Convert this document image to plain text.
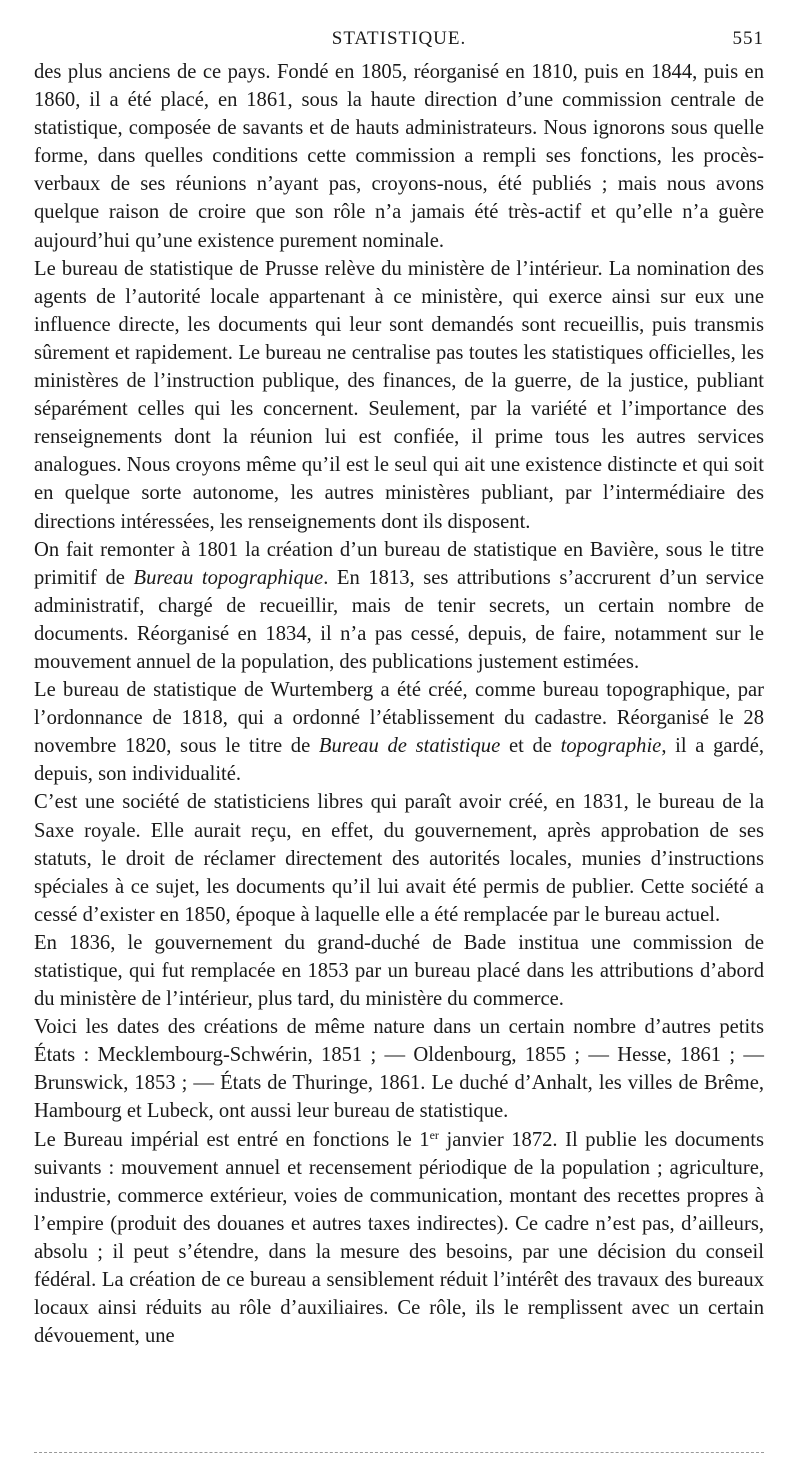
STATISTIQUE.	551

des plus anciens de ce pays. Fondé en 1805, réorganisé en 1810, puis en 1844, puis en 1860, il a été placé, en 1861, sous la haute direction d’une commission centrale de statistique, composée de savants et de hauts administrateurs. Nous ignorons sous quelle forme, dans quelles conditions cette commission a rempli ses fonctions, les procès-verbaux de ses réunions n’ayant pas, croyons-nous, été publiés ; mais nous avons quelque raison de croire que son rôle n’a jamais été très-actif et qu’elle n’a guère aujourd’hui qu’une existence purement nominale.

Le bureau de statistique de Prusse relève du ministère de l’intérieur. La nomination des agents de l’autorité locale appartenant à ce ministère, qui exerce ainsi sur eux une influence directe, les documents qui leur sont demandés sont recueillis, puis transmis sûrement et rapidement. Le bureau ne centralise pas toutes les statistiques officielles, les ministères de l’instruction publique, des finances, de la guerre, de la justice, publiant séparément celles qui les concernent. Seulement, par la variété et l’importance des renseignements dont la réunion lui est confiée, il prime tous les autres services analogues. Nous croyons même qu’il est le seul qui ait une existence distincte et qui soit en quelque sorte autonome, les autres ministères publiant, par l’intermédiaire des directions intéressées, les renseignements dont ils disposent.

On fait remonter à 1801 la création d’un bureau de statistique en Bavière, sous le titre primitif de Bureau topographique. En 1813, ses attributions s’accrurent d’un service administratif, chargé de recueillir, mais de tenir secrets, un certain nombre de documents. Réorganisé en 1834, il n’a pas cessé, depuis, de faire, notamment sur le mouvement annuel de la population, des publications justement estimées.

Le bureau de statistique de Wurtemberg a été créé, comme bureau topographique, par l’ordonnance de 1818, qui a ordonné l’établissement du cadastre. Réorganisé le 28 novembre 1820, sous le titre de Bureau de statistique et de topographie, il a gardé, depuis, son individualité.

C’est une société de statisticiens libres qui paraît avoir créé, en 1831, le bureau de la Saxe royale. Elle aurait reçu, en effet, du gouvernement, après approbation de ses statuts, le droit de réclamer directement des autorités locales, munies d’instructions spéciales à ce sujet, les documents qu’il lui avait été permis de publier. Cette société a cessé d’exister en 1850, époque à laquelle elle a été remplacée par le bureau actuel.

En 1836, le gouvernement du grand-duché de Bade institua une commission de statistique, qui fut remplacée en 1853 par un bureau placé dans les attributions d’abord du ministère de l’intérieur, plus tard, du ministère du commerce.

Voici les dates des créations de même nature dans un certain nombre d’autres petits États : Mecklembourg-Schwérin, 1851 ; — Oldenbourg, 1855 ; — Hesse, 1861 ; — Brunswick, 1853 ; — États de Thuringe, 1861. Le duché d’Anhalt, les villes de Brême, Hambourg et Lubeck, ont aussi leur bureau de statistique.

Le Bureau impérial est entré en fonctions le 1er janvier 1872. Il publie les documents suivants : mouvement annuel et recensement périodique de la population ; agriculture, industrie, commerce extérieur, voies de communication, montant des recettes propres à l’empire (produit des douanes et autres taxes indirectes). Ce cadre n’est pas, d’ailleurs, absolu ; il peut s’étendre, dans la mesure des besoins, par une décision du conseil fédéral. La création de ce bureau a sensiblement réduit l’intérêt des travaux des bureaux locaux ainsi réduits au rôle d’auxiliaires. Ce rôle, ils le remplissent avec un certain dévouement, une
